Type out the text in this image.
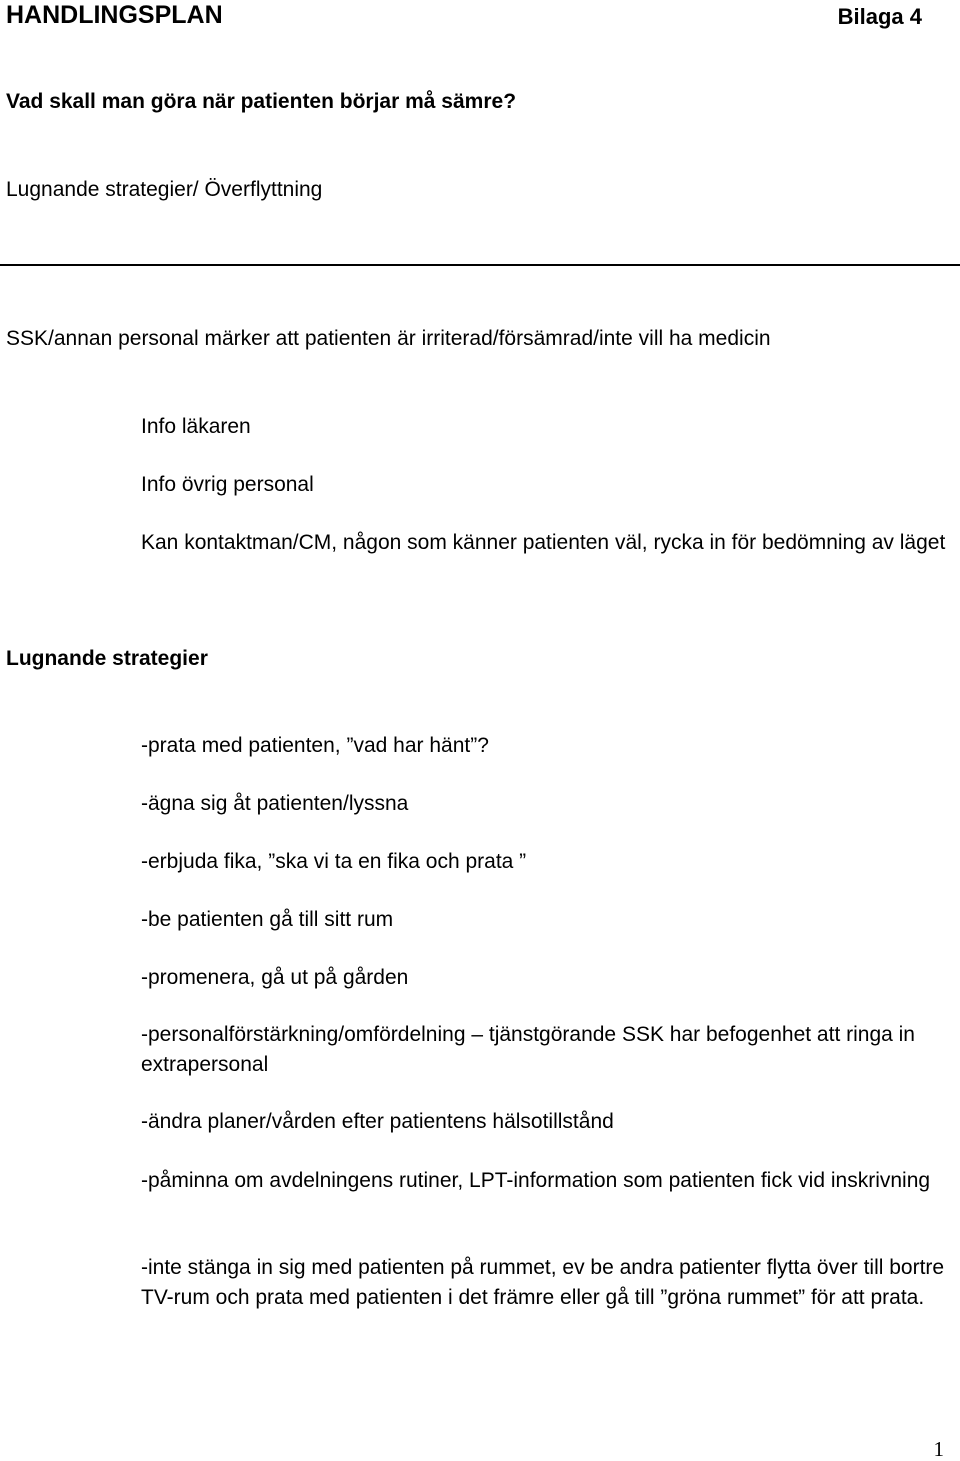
HANDLINGSPLAN	Bilaga 4
Vad skall man göra när patienten börjar må sämre?
Lugnande strategier/ Överflyttning
SSK/annan personal märker att patienten är irriterad/försämrad/inte vill ha medicin
Info läkaren
Info övrig personal

Kan kontaktman/CM, någon som känner patienten väl, rycka in för bedömning av läget

Lugnande strategier

-prata med patienten, ”vad har hänt”?

-ägna sig åt patienten/lyssna

-erbjuda fika, ”ska vi ta en fika och prata ”

-be patienten gå till sitt rum

-promenera, gå ut på gården

-personalförstärkning/omfördelning – tjänstgörande SSK har befogenhet att ringa in extrapersonal

-ändra planer/vården efter patientens hälsotillstånd

-påminna om avdelningens rutiner, LPT-information som patienten fick vid inskrivning

-inte stänga in sig med patienten på rummet, ev be andra patienter flytta över till bortre TV-rum och prata med patienten i det främre eller gå till ”gröna rummet” för att prata.

1
